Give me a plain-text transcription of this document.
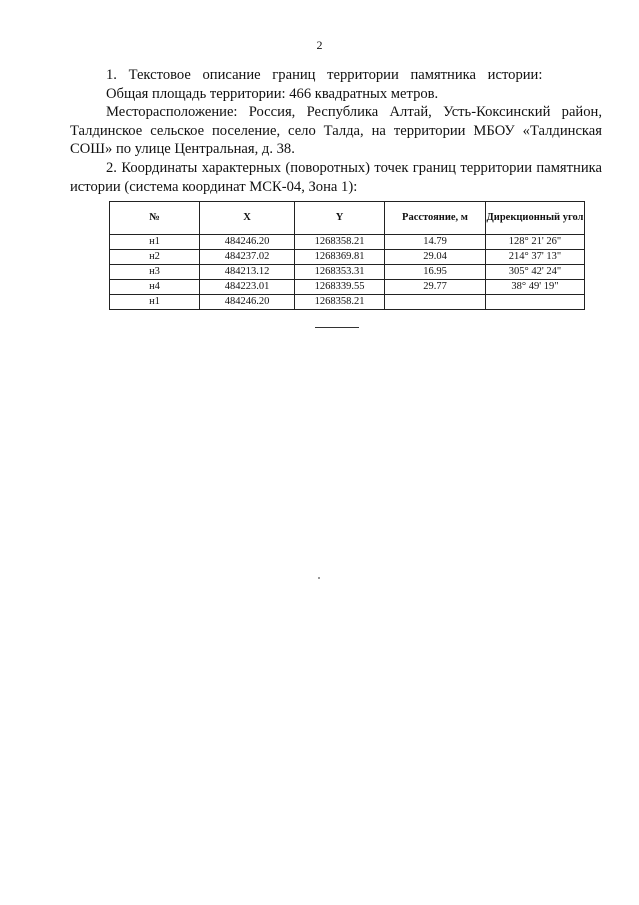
2

1. Текстовое описание границ территории памятника истории:

Общая площадь территории: 466 квадратных метров.

Месторасположение: Россия, Республика Алтай, Усть-Коксинский район, Талдинское сельское поселение, село Талда, на территории МБОУ «Талдинская СОШ» по улице Центральная, д. 38.

2. Координаты характерных (поворотных) точек границ территории памятника истории (система координат МСК-04, Зона 1):

№	X	Y	Расстояние, м	Дирекционный угол
н1	484246.20	1268358.21	14.79	128° 21' 26"
н2	484237.02	1268369.81	29.04	214° 37' 13"
н3	484213.12	1268353.31	16.95	305° 42' 24"
н4	484223.01	1268339.55	29.77	38° 49' 19"
н1	484246.20	1268358.21		
